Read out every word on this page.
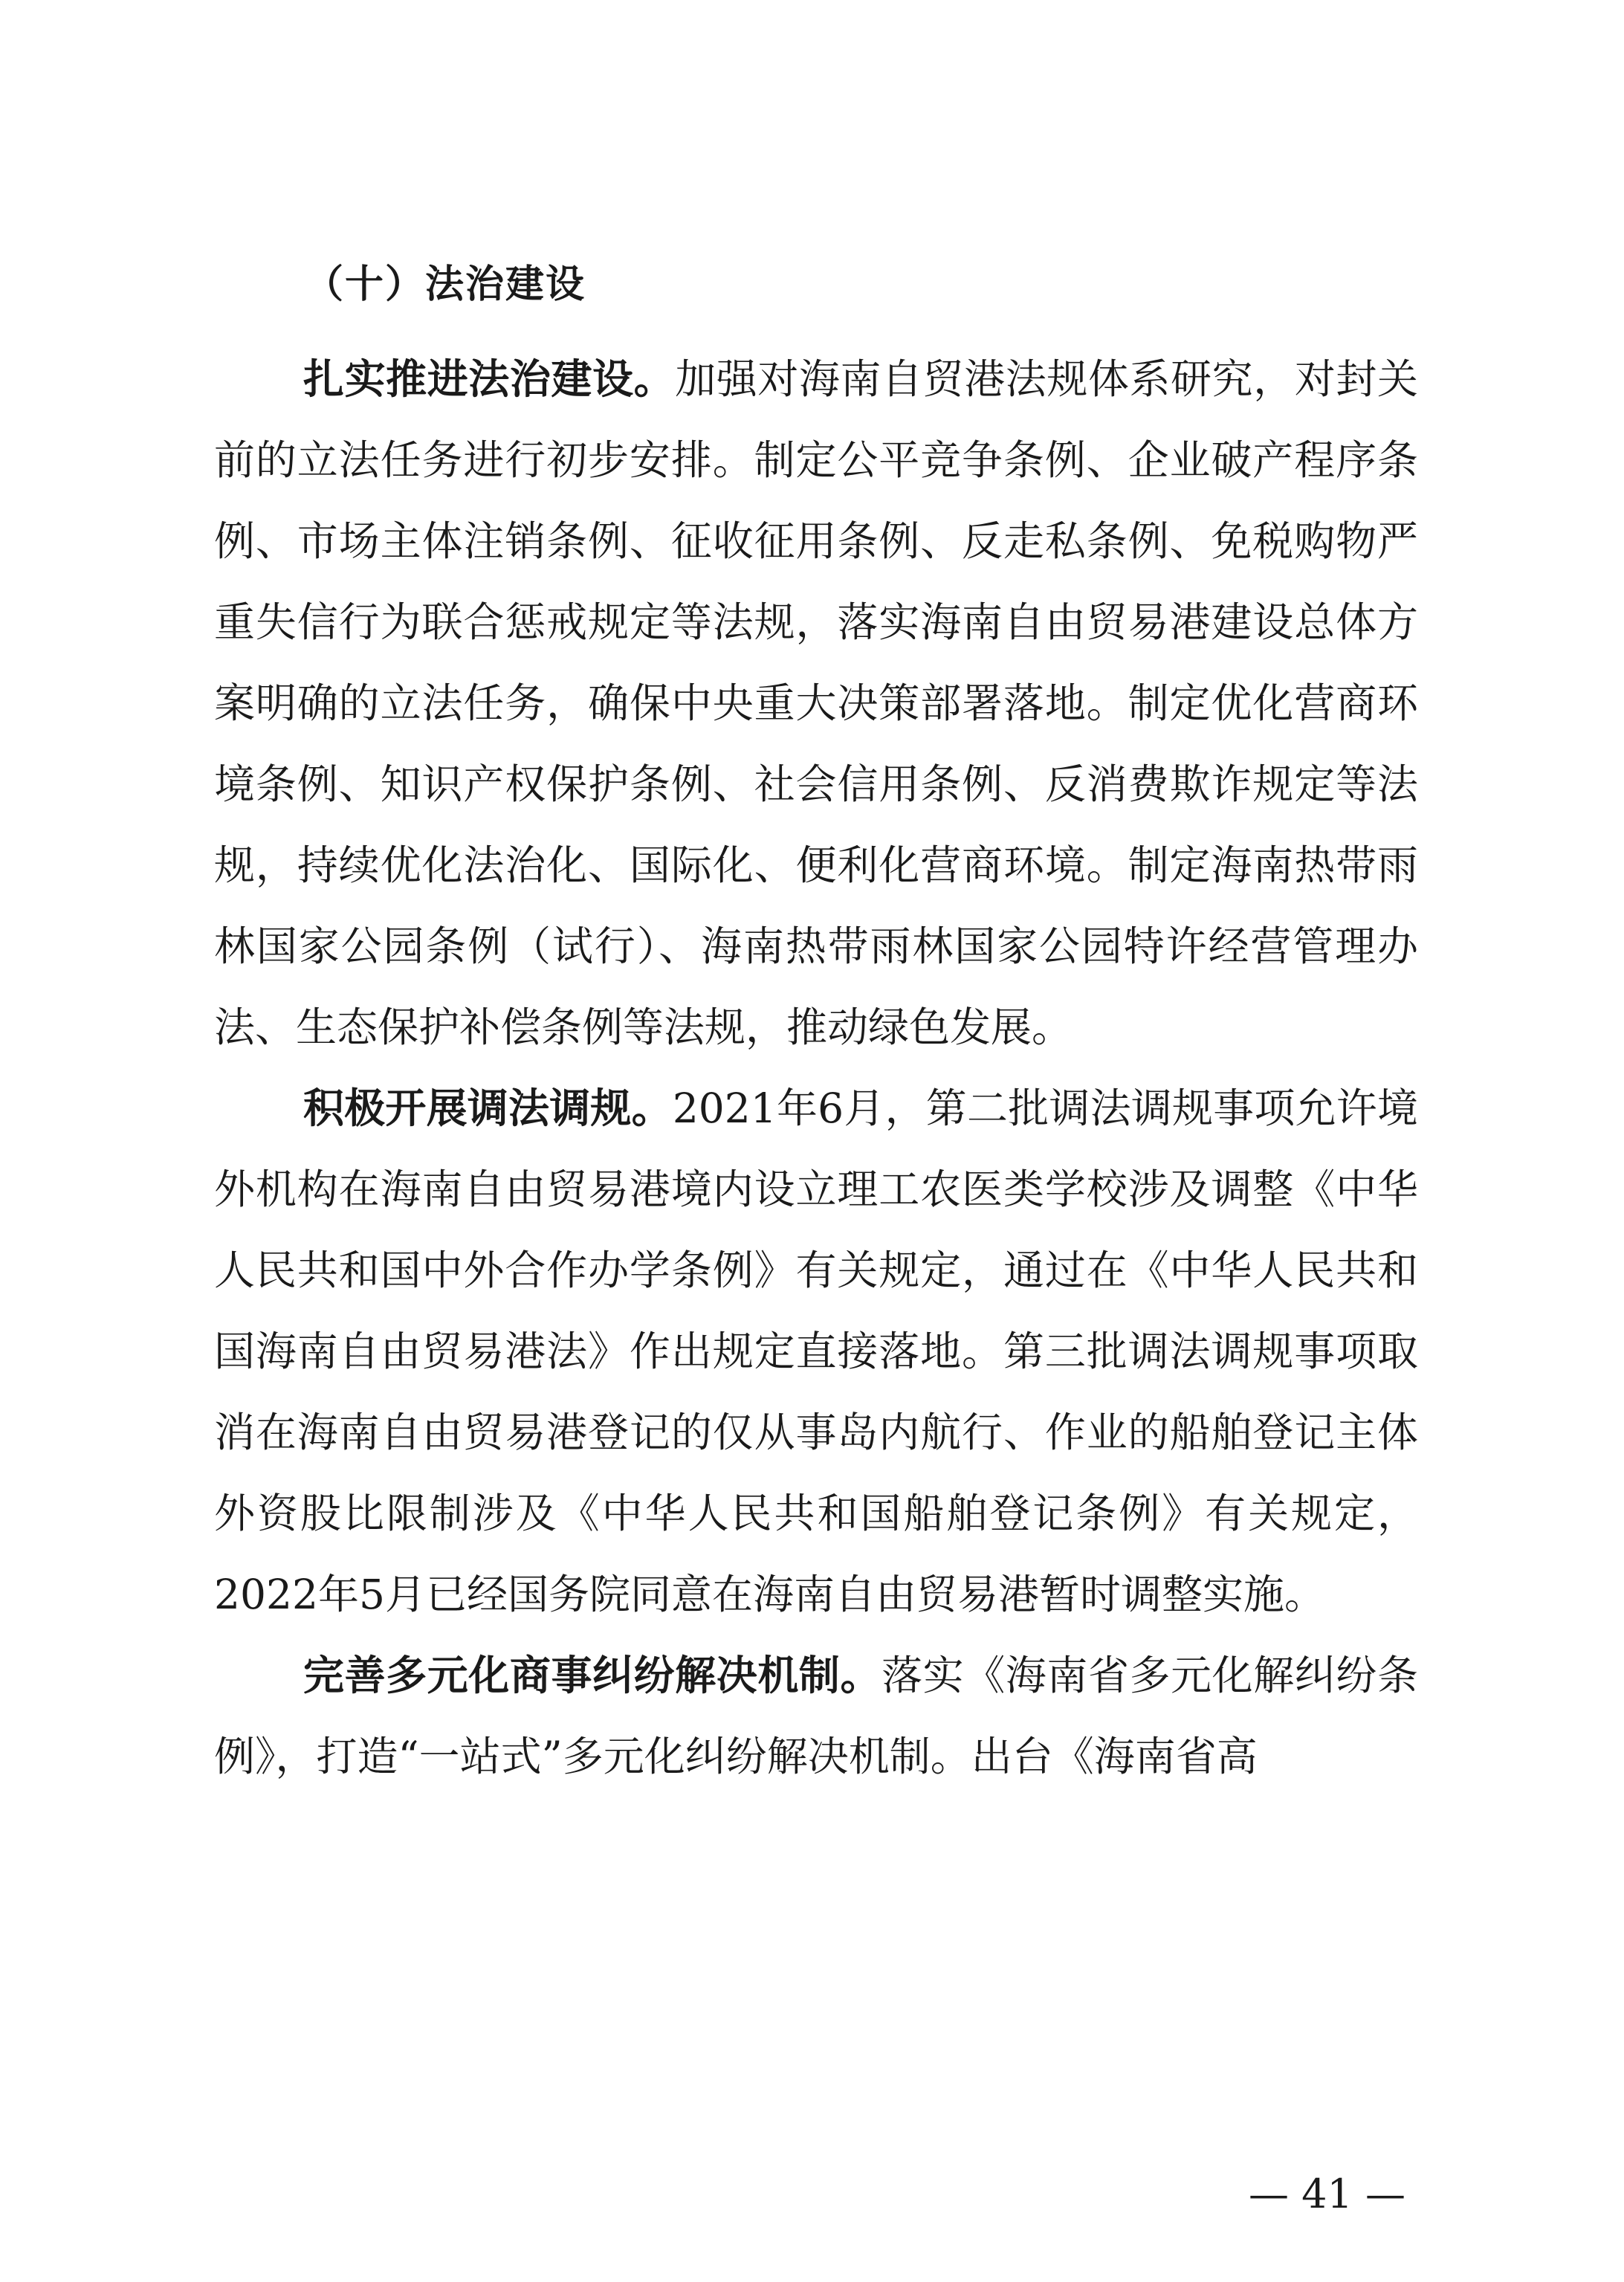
（十）法治建设

扎实推进法治建设。加强对海南自贸港法规体系研究，对封关前的立法任务进行初步安排。制定公平竞争条例、企业破产程序条例、市场主体注销条例、征收征用条例、反走私条例、免税购物严重失信行为联合惩戒规定等法规，落实海南自由贸易港建设总体方案明确的立法任务，确保中央重大决策部署落地。制定优化营商环境条例、知识产权保护条例、社会信用条例、反消费欺诈规定等法规，持续优化法治化、国际化、便利化营商环境。制定海南热带雨林国家公园条例（试行）、海南热带雨林国家公园特许经营管理办法、生态保护补偿条例等法规，推动绿色发展。

积极开展调法调规。2021年6月，第二批调法调规事项允许境外机构在海南自由贸易港境内设立理工农医类学校涉及调整《中华人民共和国中外合作办学条例》有关规定，通过在《中华人民共和国海南自由贸易港法》作出规定直接落地。第三批调法调规事项取消在海南自由贸易港登记的仅从事岛内航行、作业的船舶登记主体外资股比限制涉及《中华人民共和国船舶登记条例》有关规定，2022年5月已经国务院同意在海南自由贸易港暂时调整实施。

完善多元化商事纠纷解决机制。落实《海南省多元化解纠纷条例》，打造“一站式”多元化纠纷解决机制。出台《海南省高

— 41 —
